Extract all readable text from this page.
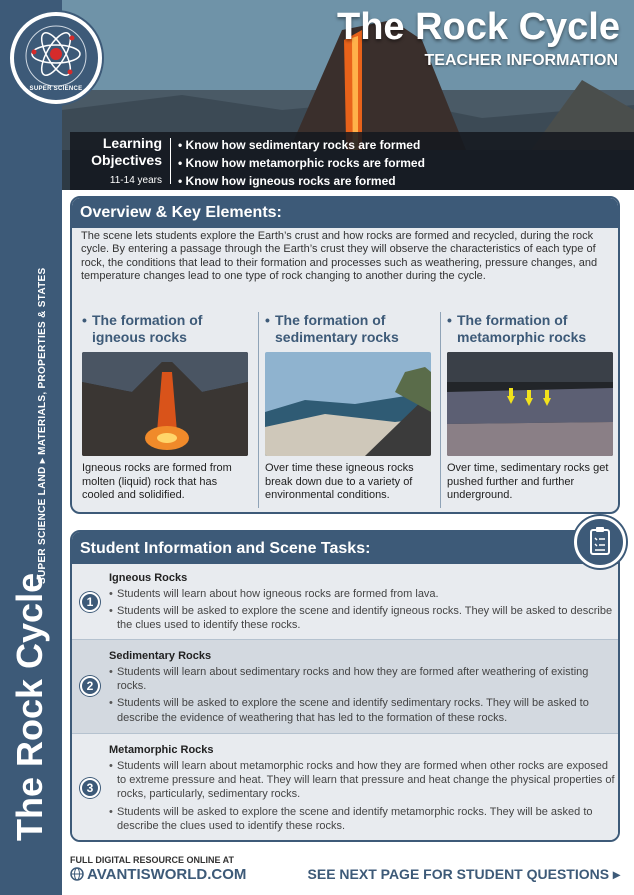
SUPER SCIENCE LAND ▸ MATERIALS, PROPERTIES & STATES
The Rock Cycle
SUPER SCIENCE
The Rock Cycle
TEACHER INFORMATION
Learning Objectives
11-14 years
• Know how sedimentary rocks are formed
• Know how metamorphic rocks are formed
• Know how igneous rocks are formed
Overview & Key Elements:
The scene lets students explore the Earth’s crust and how rocks are formed and recycled, during the rock cycle. By entering a passage through the Earth’s crust they will observe the characteristics of each type of rock, the conditions that lead to their formation and processes such as weathering, pressure changes, and temperature changes lead to one type of rock changing to another during the cycle.
• The formation of igneous rocks
Igneous rocks are formed from molten (liquid) rock that has cooled and solidified.
• The formation of sedimentary rocks
Over time these igneous rocks break down due to a variety of environmental conditions.
• The formation of metamorphic rocks
Over time, sedimentary rocks get pushed further and further underground.
Student Information and Scene Tasks:
1
Igneous Rocks
• Students will learn about how igneous rocks are formed from lava.
• Students will be asked to explore the scene and identify igneous rocks. They will be asked to describe the clues used to identify these rocks.
2
Sedimentary Rocks
• Students will learn about sedimentary rocks and how they are formed after weathering of existing rocks.
• Students will be asked to explore the scene and identify sedimentary rocks. They will be asked to describe the evidence of weathering that has led to the formation of these rocks.
3
Metamorphic Rocks
• Students will learn about metamorphic rocks and how they are formed when other rocks are exposed to extreme pressure and heat. They will learn that pressure and heat change the physical properties of rocks, particularly, sedimentary rocks.
• Students will be asked to explore the scene and identify metamorphic rocks. They will be asked to describe the clues used to identify these rocks.
FULL DIGITAL RESOURCE ONLINE AT
AVANTISWORLD.COM	SEE NEXT PAGE FOR STUDENT QUESTIONS ▸
